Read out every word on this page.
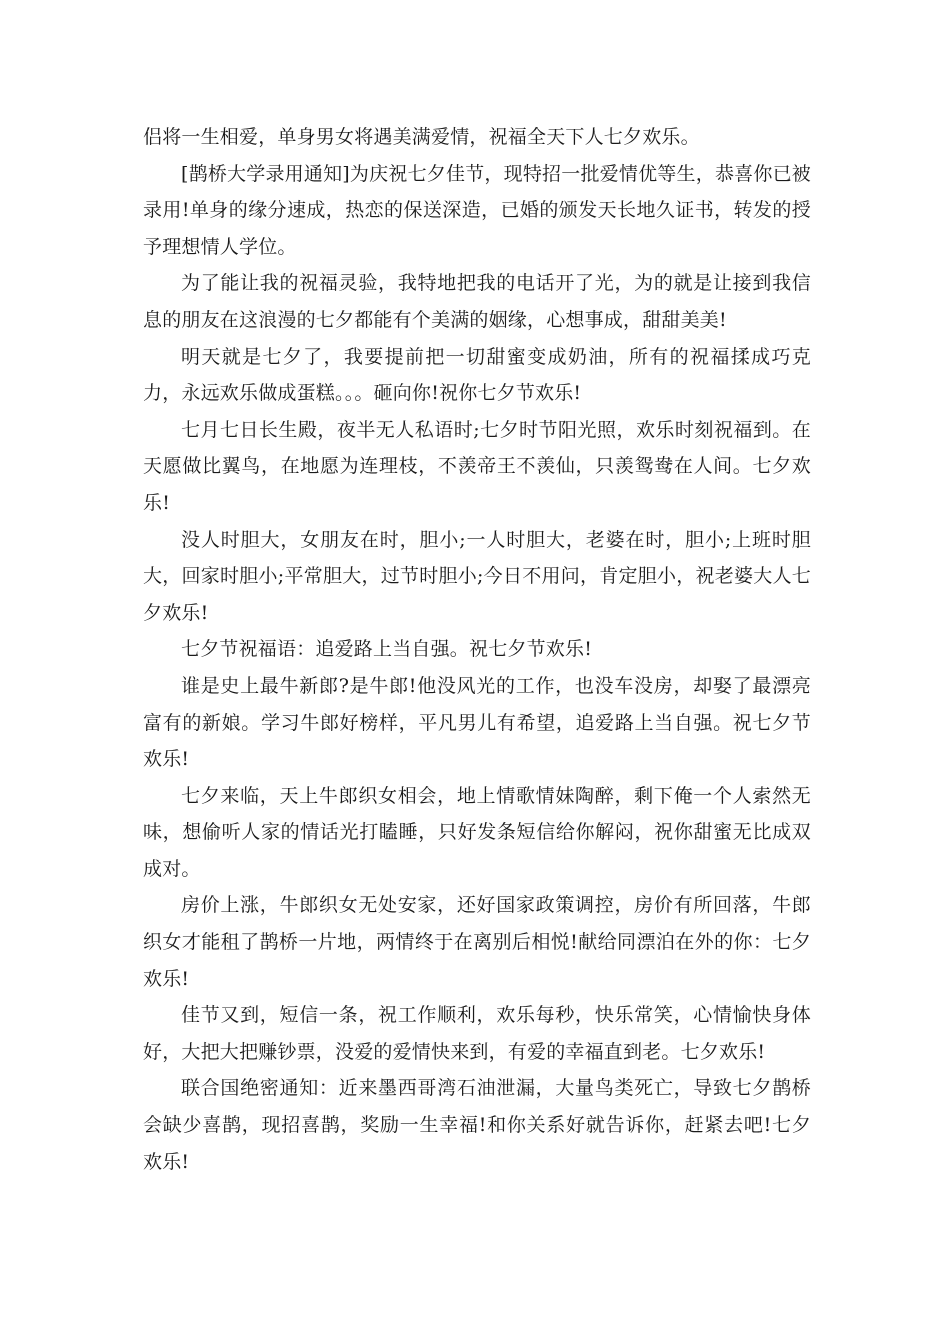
侣将一生相爱，单身男女将遇美满爱情，祝福全天下人七夕欢乐。

[鹊桥大学录用通知]为庆祝七夕佳节，现特招一批爱情优等生，恭喜你已被录用!单身的缘分速成，热恋的保送深造，已婚的颁发天长地久证书，转发的授予理想情人学位。

为了能让我的祝福灵验，我特地把我的电话开了光，为的就是让接到我信息的朋友在这浪漫的七夕都能有个美满的姻缘，心想事成，甜甜美美!

明天就是七夕了，我要提前把一切甜蜜变成奶油，所有的祝福揉成巧克力，永远欢乐做成蛋糕。。。砸向你!祝你七夕节欢乐!

七月七日长生殿，夜半无人私语时;七夕时节阳光照，欢乐时刻祝福到。在天愿做比翼鸟，在地愿为连理枝，不羡帝王不羡仙，只羡鸳鸯在人间。七夕欢乐!

没人时胆大，女朋友在时，胆小;一人时胆大，老婆在时，胆小;上班时胆大，回家时胆小;平常胆大，过节时胆小;今日不用问，肯定胆小，祝老婆大人七夕欢乐!

七夕节祝福语：追爱路上当自强。祝七夕节欢乐!

谁是史上最牛新郎?是牛郎!他没风光的工作，也没车没房，却娶了最漂亮富有的新娘。学习牛郎好榜样，平凡男儿有希望，追爱路上当自强。祝七夕节欢乐!

七夕来临，天上牛郎织女相会，地上情歌情妹陶醉，剩下俺一个人索然无味，想偷听人家的情话光打瞌睡，只好发条短信给你解闷，祝你甜蜜无比成双成对。

房价上涨，牛郎织女无处安家，还好国家政策调控，房价有所回落，牛郎织女才能租了鹊桥一片地，两情终于在离别后相悦!献给同漂泊在外的你：七夕欢乐!

佳节又到，短信一条，祝工作顺利，欢乐每秒，快乐常笑，心情愉快身体好，大把大把赚钞票，没爱的爱情快来到，有爱的幸福直到老。七夕欢乐!

联合国绝密通知：近来墨西哥湾石油泄漏，大量鸟类死亡，导致七夕鹊桥会缺少喜鹊，现招喜鹊，奖励一生幸福!和你关系好就告诉你，赶紧去吧!七夕欢乐!
